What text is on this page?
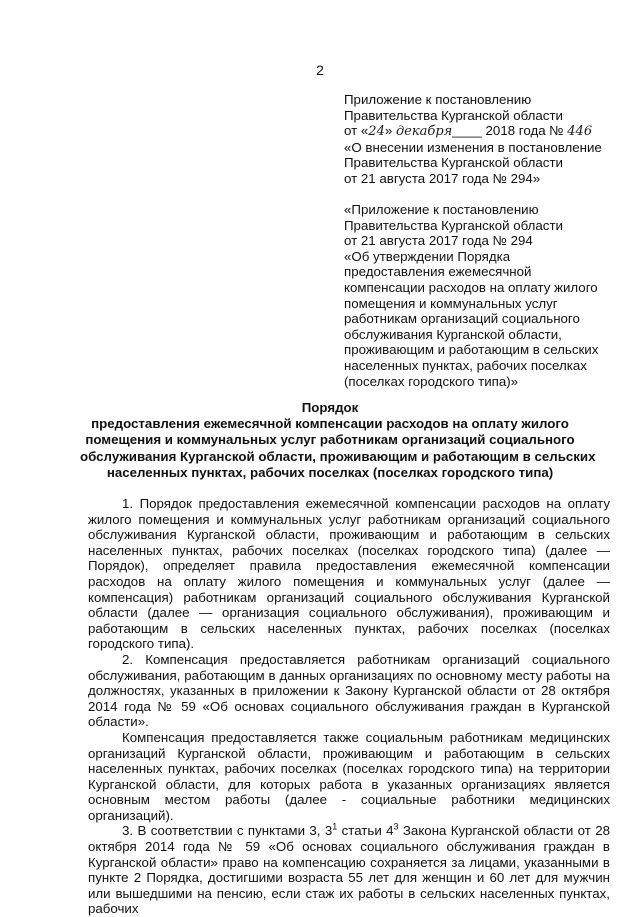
2
Приложение к постановлению
Правительства Курганской области
от «24» декабря____ 2018 года № 446
«О внесении изменения в постановление
Правительства Курганской области
от 21 августа 2017 года № 294»
«Приложение к постановлению
Правительства Курганской области
от 21 августа 2017 года № 294
«Об утверждении Порядка
предоставления ежемесячной
компенсации расходов на оплату жилого
помещения и коммунальных услуг
работникам организаций социального
обслуживания Курганской области,
проживающим и работающим в сельских
населенных пунктах, рабочих поселках
(поселках городского типа)»
Порядок
предоставления ежемесячной компенсации расходов на оплату жилого
помещения и коммунальных услуг работникам организаций социального
обслуживания Курганской области, проживающим и работающим в сельских
населенных пунктах, рабочих поселках (поселках городского типа)

1. Порядок предоставления ежемесячной компенсации расходов на оплату жилого помещения и коммунальных услуг работникам организаций социального обслуживания Курганской области, проживающим и работающим в сельских населенных пунктах, рабочих поселках (поселках городского типа) (далее — Порядок), определяет правила предоставления ежемесячной компенсации расходов на оплату жилого помещения и коммунальных услуг (далее — компенсация) работникам организаций социального обслуживания Курганской области (далее — организация социального обслуживания), проживающим и работающим в сельских населенных пунктах, рабочих поселках (поселках городского типа).

2. Компенсация предоставляется работникам организаций социального обслуживания, работающим в данных организациях по основному месту работы на должностях, указанных в приложении к Закону Курганской области от 28 октября 2014 года № 59 «Об основах социального обслуживания граждан в Курганской области».

Компенсация предоставляется также социальным работникам медицинских организаций Курганской области, проживающим и работающим в сельских населенных пунктах, рабочих поселках (поселках городского типа) на территории Курганской области, для которых работа в указанных организациях является основным местом работы (далее - социальные работники медицинских организаций).

3. В соответствии с пунктами 3, $3^1$ статьи $4^3$ Закона Курганской области от 28 октября 2014 года № 59 «Об основах социального обслуживания граждан в Курганской области» право на компенсацию сохраняется за лицами, указанными в пункте 2 Порядка, достигшими возраста 55 лет для женщин и 60 лет для мужчин или вышедшими на пенсию, если стаж их работы в сельских населенных пунктах, рабочих
